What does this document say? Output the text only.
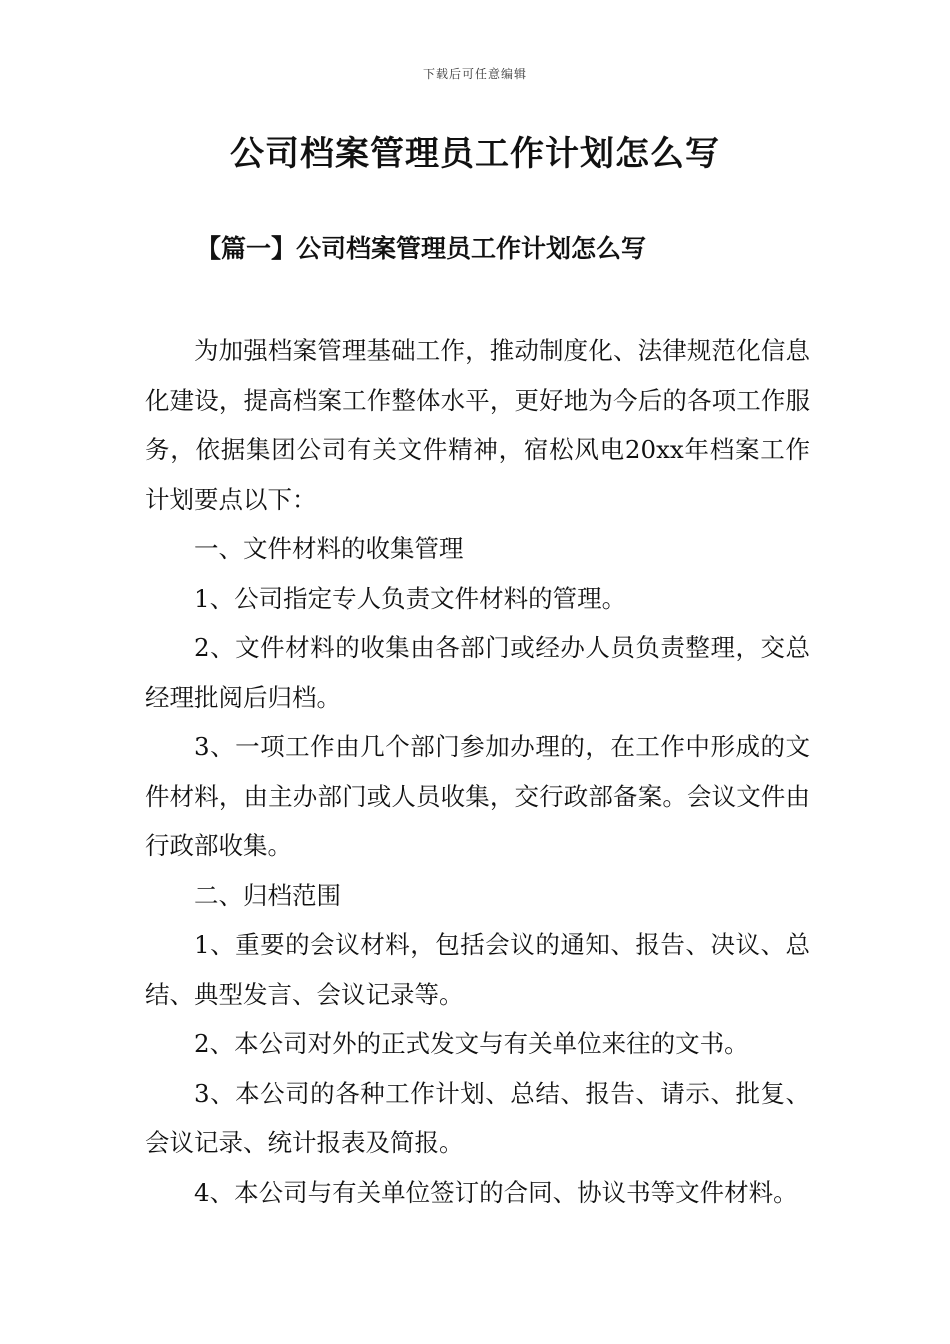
下载后可任意编辑
公司档案管理员工作计划怎么写
【篇一】公司档案管理员工作计划怎么写

为加强档案管理基础工作，推动制度化、法律规范化信息化建设，提高档案工作整体水平，更好地为今后的各项工作服务，依据集团公司有关文件精神，宿松风电20xx年档案工作计划要点以下：

一、文件材料的收集管理

1、公司指定专人负责文件材料的管理。

2、文件材料的收集由各部门或经办人员负责整理，交总经理批阅后归档。

3、一项工作由几个部门参加办理的，在工作中形成的文件材料，由主办部门或人员收集，交行政部备案。会议文件由行政部收集。

二、归档范围

1、重要的会议材料，包括会议的通知、报告、决议、总结、典型发言、会议记录等。

2、本公司对外的正式发文与有关单位来往的文书。

3、本公司的各种工作计划、总结、报告、请示、批复、会议记录、统计报表及简报。

4、本公司与有关单位签订的合同、协议书等文件材料。
